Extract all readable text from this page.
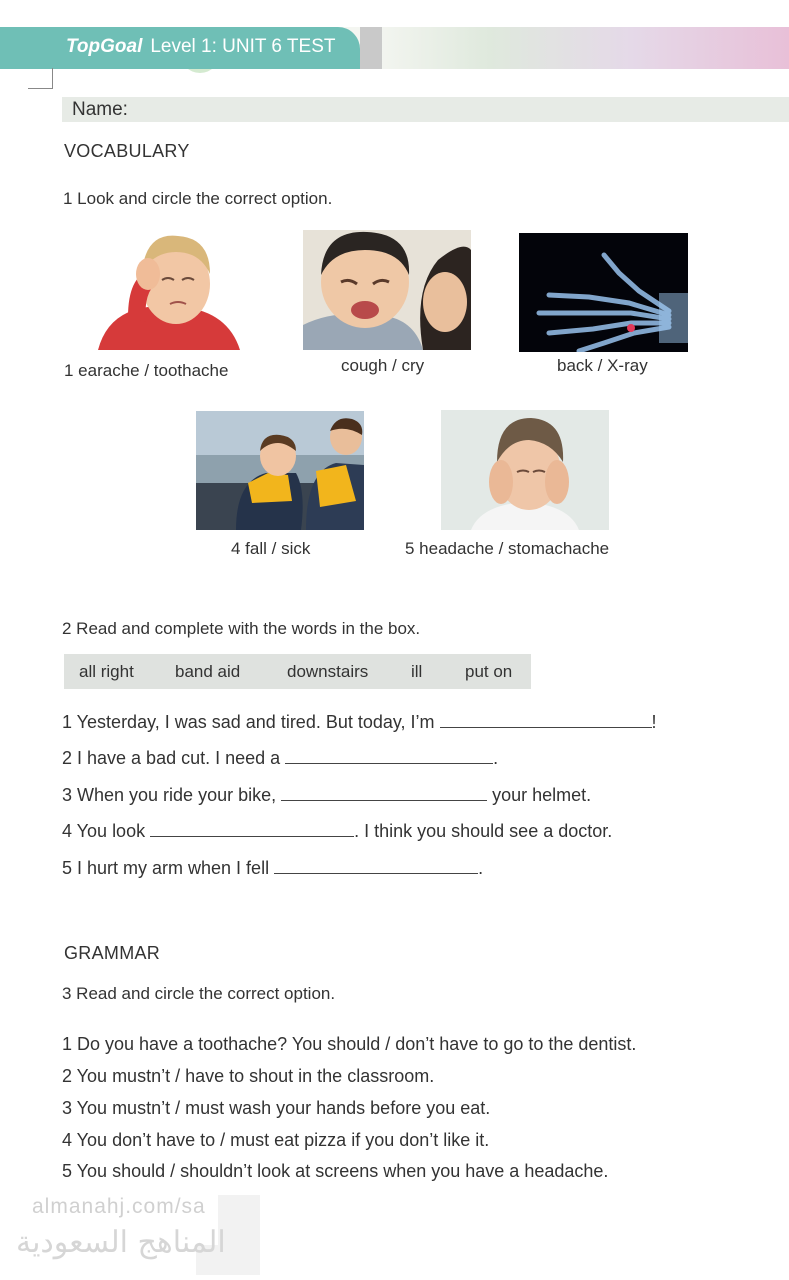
TopGoal Level 1: UNIT 6 TEST
Name:
VOCABULARY
1 Look and circle the correct option.
1 earache / toothache	cough / cry	back / X-ray
4 fall / sick	5 headache / stomachache
2 Read and complete with the words in the box.
all right band aid	downstairs	ill	put on
1 Yesterday, I was sad and tired. But today, I’m	!
2 I have a bad cut. I need a	.
3 When you ride your bike,	your helmet.
4 You look	. I think you should see a doctor.
5 I hurt my arm when I fell	.
GRAMMAR
3 Read and circle the correct option.
1 Do you have a toothache? You should / don’t have to go to the dentist.
2 You mustn’t / have to shout in the classroom.
3 You mustn’t / must wash your hands before you eat.
4 You don’t have to / must eat pizza if you don’t like it.
5 You should / shouldn’t look at screens when you have a headache.
almanahj.com/sa
المناهج السعودية
